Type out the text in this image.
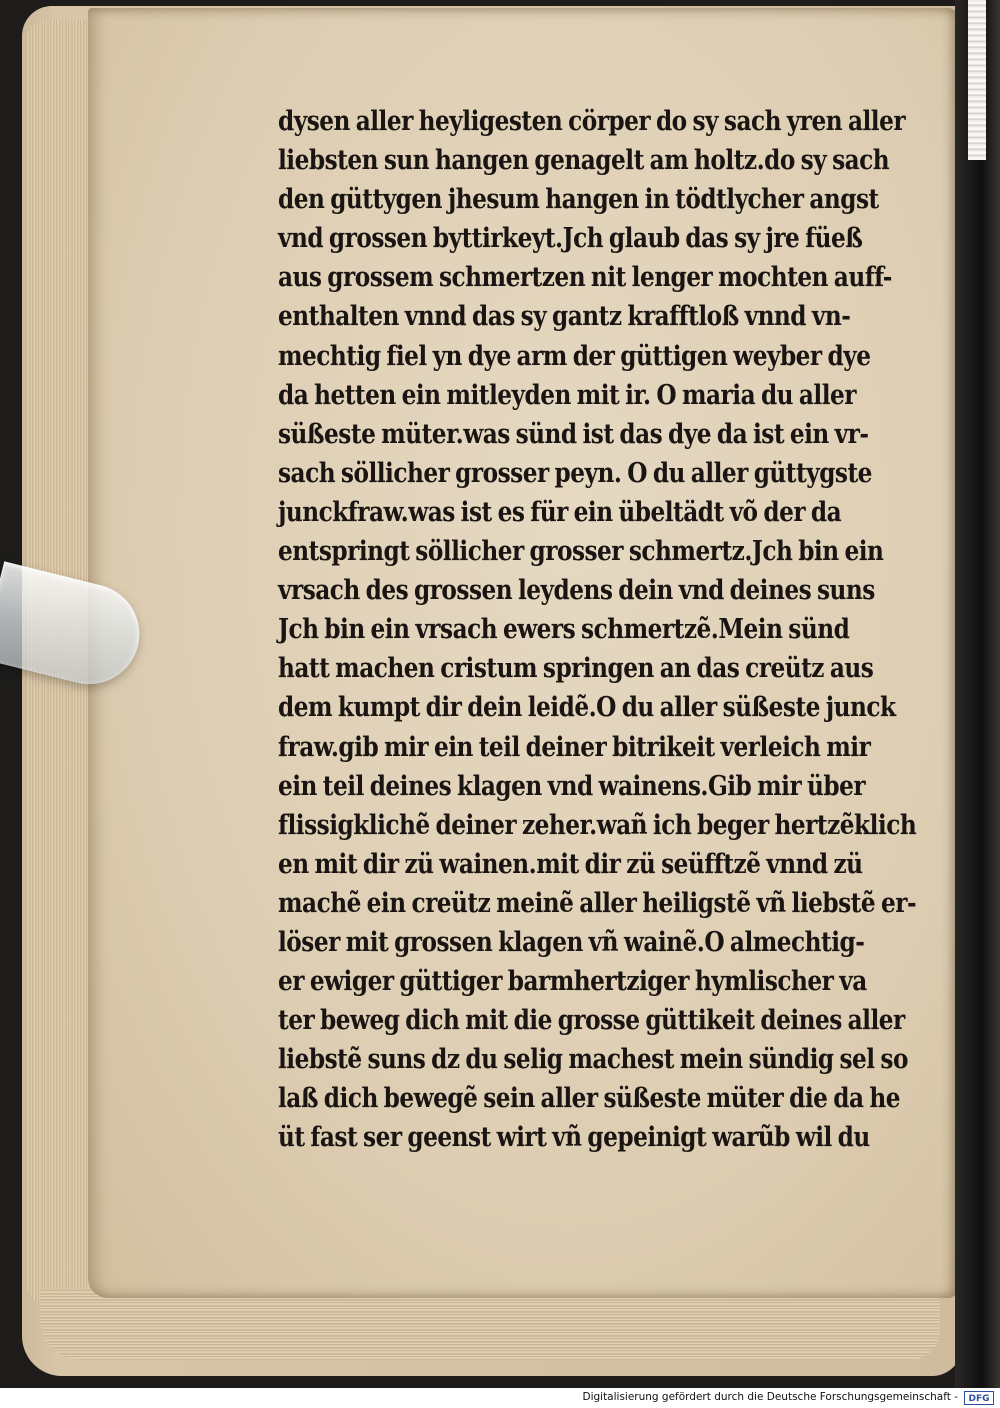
dysen aller heyligesten cörper do sy sach yren aller
liebsten sun hangen genagelt am holtz.do sy sach
den güttygen jhesum hangen in tödtlycher angst
vnd grossen byttirkeyt.Jch glaub das sy jre füeß
aus grossem schmertzen nit lenger mochten auff-
enthalten vnnd das sy gantz krafftloß vnnd vn-
mechtig fiel yn dye arm der güttigen weyber dye
da hetten ein mitleyden mit ir. O maria du aller
süßeste müter.was sünd ist das dye da ist ein vr-
sach söllicher grosser peyn. O du aller güttygste
junckfraw.was ist es für ein übeltädt võ der da
entspringt söllicher grosser schmertz.Jch bin ein
vrsach des grossen leydens dein vnd deines suns
Jch bin ein vrsach ewers schmertzẽ.Mein sünd
hatt machen cristum springen an das creütz aus
dem kumpt dir dein leidẽ.O du aller süßeste junck
fraw.gib mir ein teil deiner bitrikeit verleich mir
ein teil deines klagen vnd wainens.Gib mir über
flissigklichẽ deiner zeher.wañ ich beger hertzẽklich
en mit dir zü wainen.mit dir zü seüfftzẽ vnnd zü
machẽ ein creütz meinẽ aller heiligstẽ vñ liebstẽ er-
löser mit grossen klagen vñ wainẽ.O almechtig-
er ewiger güttiger barmhertziger hymlischer va
ter beweg dich mit die grosse güttikeit deines aller
liebstẽ suns dz du selig machest mein sündig sel so
laß dich bewegẽ sein aller süßeste müter die da he
üt fast ser geenst wirt vñ gepeinigt warũb wil du
Digitalisierung gefördert durch die Deutsche Forschungsgemeinschaft -	DFG
